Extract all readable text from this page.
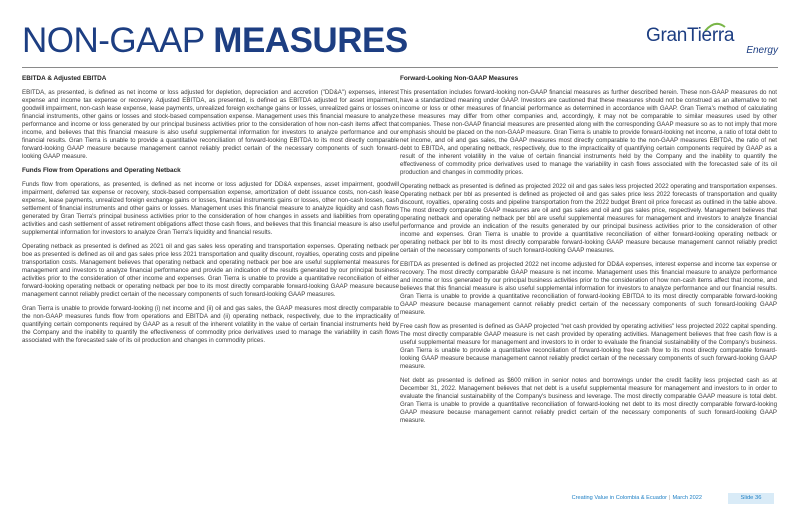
NON-GAAP MEASURES	GranTierra
Energy
EBITDA & Adjusted EBITDA

EBITDA, as presented, is defined as net income or loss adjusted for depletion, depreciation and accretion ("DD&A") expenses, interest expense and income tax expense or recovery. Adjusted EBITDA, as presented, is defined as EBITDA adjusted for asset impairment, goodwill impairment, non-cash lease expense, lease payments, unrealized foreign exchange gains or losses, unrealized gains or losses on financial instruments, other gains or losses and stock-based compensation expense. Management uses this financial measure to analyze performance and income or loss generated by our principal business activities prior to the consideration of how non-cash items affect that income, and believes that this financial measure is also useful supplemental information for investors to analyze performance and our financial results. Gran Tierra is unable to provide a quantitative reconciliation of forward-looking EBITDA to its most directly comparable forward-looking GAAP measure because management cannot reliably predict certain of the necessary components of such forward-looking GAAP measure.

Funds Flow from Operations and Operating Netback

Funds flow from operations, as presented, is defined as net income or loss adjusted for DD&A expenses, asset impairment, goodwill impairment, deferred tax expense or recovery, stock-based compensation expense, amortization of debt issuance costs, non-cash lease expense, lease payments, unrealized foreign exchange gains or losses, financial instruments gains or losses, other non-cash losses, cash settlement of financial instruments and other gains or losses. Management uses this financial measure to analyze liquidity and cash flows generated by Gran Tierra's principal business activities prior to the consideration of how changes in assets and liabilities from operating activities and cash settlement of asset retirement obligations affect those cash flows, and believes that this financial measure is also useful supplemental information for investors to analyze Gran Tierra's liquidity and financial results.

Operating netback as presented is defined as 2021 oil and gas sales less operating and transportation expenses. Operating netback per boe as presented is defined as oil and gas sales price less 2021 transportation and quality discount, royalties, operating costs and pipeline transportation costs. Management believes that operating netback and operating netback per boe are useful supplemental measures for management and investors to analyze financial performance and provide an indication of the results generated by our principal business activities prior to the consideration of other income and expenses. Gran Tierra is unable to provide a quantitative reconciliation of either forward-looking operating netback or operating netback per boe to its most directly comparable forward-looking GAAP measure because management cannot reliably predict certain of the necessary components of such forward-looking GAAP measures.

Gran Tierra is unable to provide forward-looking (i) net income and (ii) oil and gas sales, the GAAP measures most directly comparable to the non-GAAP measures funds flow from operations and EBITDA and (ii) operating netback, respectively, due to the impracticality of quantifying certain components required by GAAP as a result of the inherent volatility in the value of certain financial instruments held by the Company and the inability to quantify the effectiveness of commodity price derivatives used to manage the variability in cash flows associated with the forecasted sale of its oil production and changes in commodity prices.

Forward-Looking Non-GAAP Measures

This presentation includes forward-looking non-GAAP financial measures as further described herein. These non-GAAP measures do not have a standardized meaning under GAAP. Investors are cautioned that these measures should not be construed as an alternative to net income or loss or other measures of financial performance as determined in accordance with GAAP. Gran Tierra's method of calculating these measures may differ from other companies and, accordingly, it may not be comparable to similar measures used by other companies. These non-GAAP financial measures are presented along with the corresponding GAAP measure so as to not imply that more emphasis should be placed on the non-GAAP measure. Gran Tierra is unable to provide forward-looking net income, a ratio of total debt to net income, and oil and gas sales, the GAAP measures most directly comparable to the non-GAAP measures EBITDA, the ratio of net debt to EBITDA, and operating netback, respectively, due to the impracticality of quantifying certain components required by GAAP as a result of the inherent volatility in the value of certain financial instruments held by the Company and the inability to quantify the effectiveness of commodity price derivatives used to manage the variability in cash flows associated with the forecasted sale of its oil production and changes in commodity prices.

Operating netback as presented is defined as projected 2022 oil and gas sales less projected 2022 operating and transportation expenses. Operating netback per bbl as presented is defined as projected oil and gas sales price less 2022 forecasts of transportation and quality discount, royalties, operating costs and pipeline transportation from the 2022 budget Brent oil price forecast as outlined in the table above. The most directly comparable GAAP measures are oil and gas sales and oil and gas sales price, respectively. Management believes that operating netback and operating netback per bbl are useful supplemental measures for management and investors to analyze financial performance and provide an indication of the results generated by our principal business activities prior to the consideration of other income and expenses. Gran Tierra is unable to provide a quantitative reconciliation of either forward-looking operating netback or operating netback per bbl to its most directly comparable forward-looking GAAP measure because management cannot reliably predict certain of the necessary components of such forward-looking GAAP measures.

EBITDA as presented is defined as projected 2022 net income adjusted for DD&A expenses, interest expense and income tax expense or recovery. The most directly comparable GAAP measure is net income. Management uses this financial measure to analyze performance and income or loss generated by our principal business activities prior to the consideration of how non-cash items affect that income, and believes that this financial measure is also useful supplemental information for investors to analyze performance and our financial results. Gran Tierra is unable to provide a quantitative reconciliation of forward-looking EBITDA to its most directly comparable forward-looking GAAP measure because management cannot reliably predict certain of the necessary components of such forward-looking GAAP measure.

Free cash flow as presented is defined as GAAP projected "net cash provided by operating activities" less projected 2022 capital spending. The most directly comparable GAAP measure is net cash provided by operating activities. Management believes that free cash flow is a useful supplemental measure for management and investors to in order to evaluate the financial sustainability of the Company's business. Gran Tierra is unable to provide a quantitative reconciliation of forward-looking free cash flow to its most directly comparable forward-looking GAAP measure because management cannot reliably predict certain of the necessary components of such forward-looking GAAP measure.

Net debt as presented is defined as $600 million in senior notes and borrowings under the credit facility less projected cash as at December 31, 2022. Management believes that net debt is a useful supplemental measure for management and investors to in order to evaluate the financial sustainability of the Company's business and leverage. The most directly comparable GAAP measure is total debt. Gran Tierra is unable to provide a quantitative reconciliation of forward-looking net debt to its most directly comparable forward-looking GAAP measure because management cannot reliably predict certain of the necessary components of such forward-looking GAAP measure.

Creating Value in Colombia & Ecuador | March 2022	Slide 36
